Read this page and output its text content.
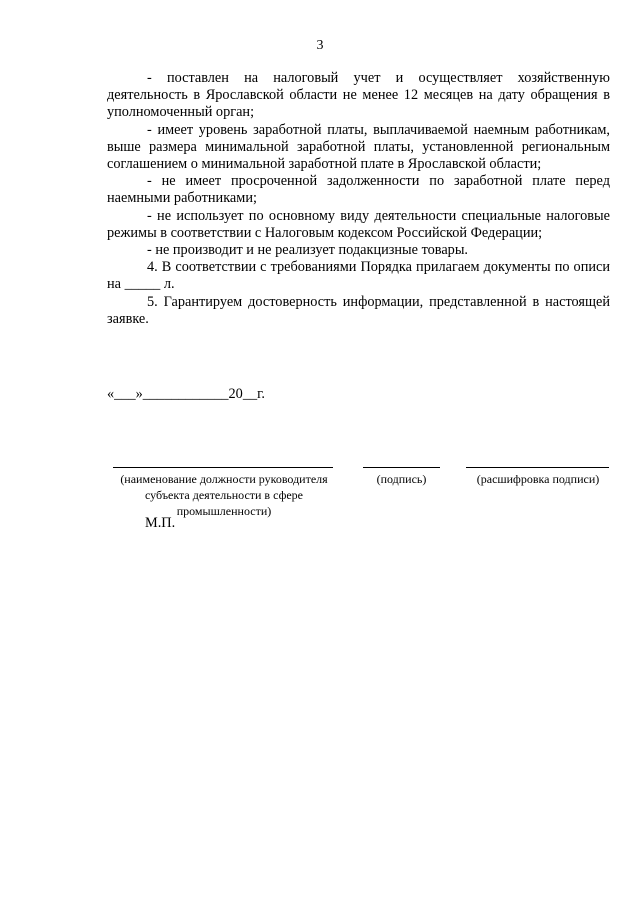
3

- поставлен на налоговый учет и осуществляет хозяйственную деятельность в Ярославской области не менее 12 месяцев на дату обращения в уполномоченный орган;

- имеет уровень заработной платы, выплачиваемой наемным работникам, выше размера минимальной заработной платы, установленной региональным соглашением о минимальной заработной плате в Ярославской области;

- не имеет просроченной задолженности по заработной плате перед наемными работниками;

- не использует по основному виду деятельности специальные налоговые режимы в соответствии с Налоговым кодексом Российской Федерации;

- не производит и не реализует подакцизные товары.

4. В соответствии с требованиями Порядка прилагаем документы по описи на _____ л.

5. Гарантируем достоверность информации, представленной в настоящей заявке.

«___»____________20__г.
(наименование должности руководителя субъекта деятельности в сфере промышленности)
(подпись)	(расшифровка подписи)
М.П.
